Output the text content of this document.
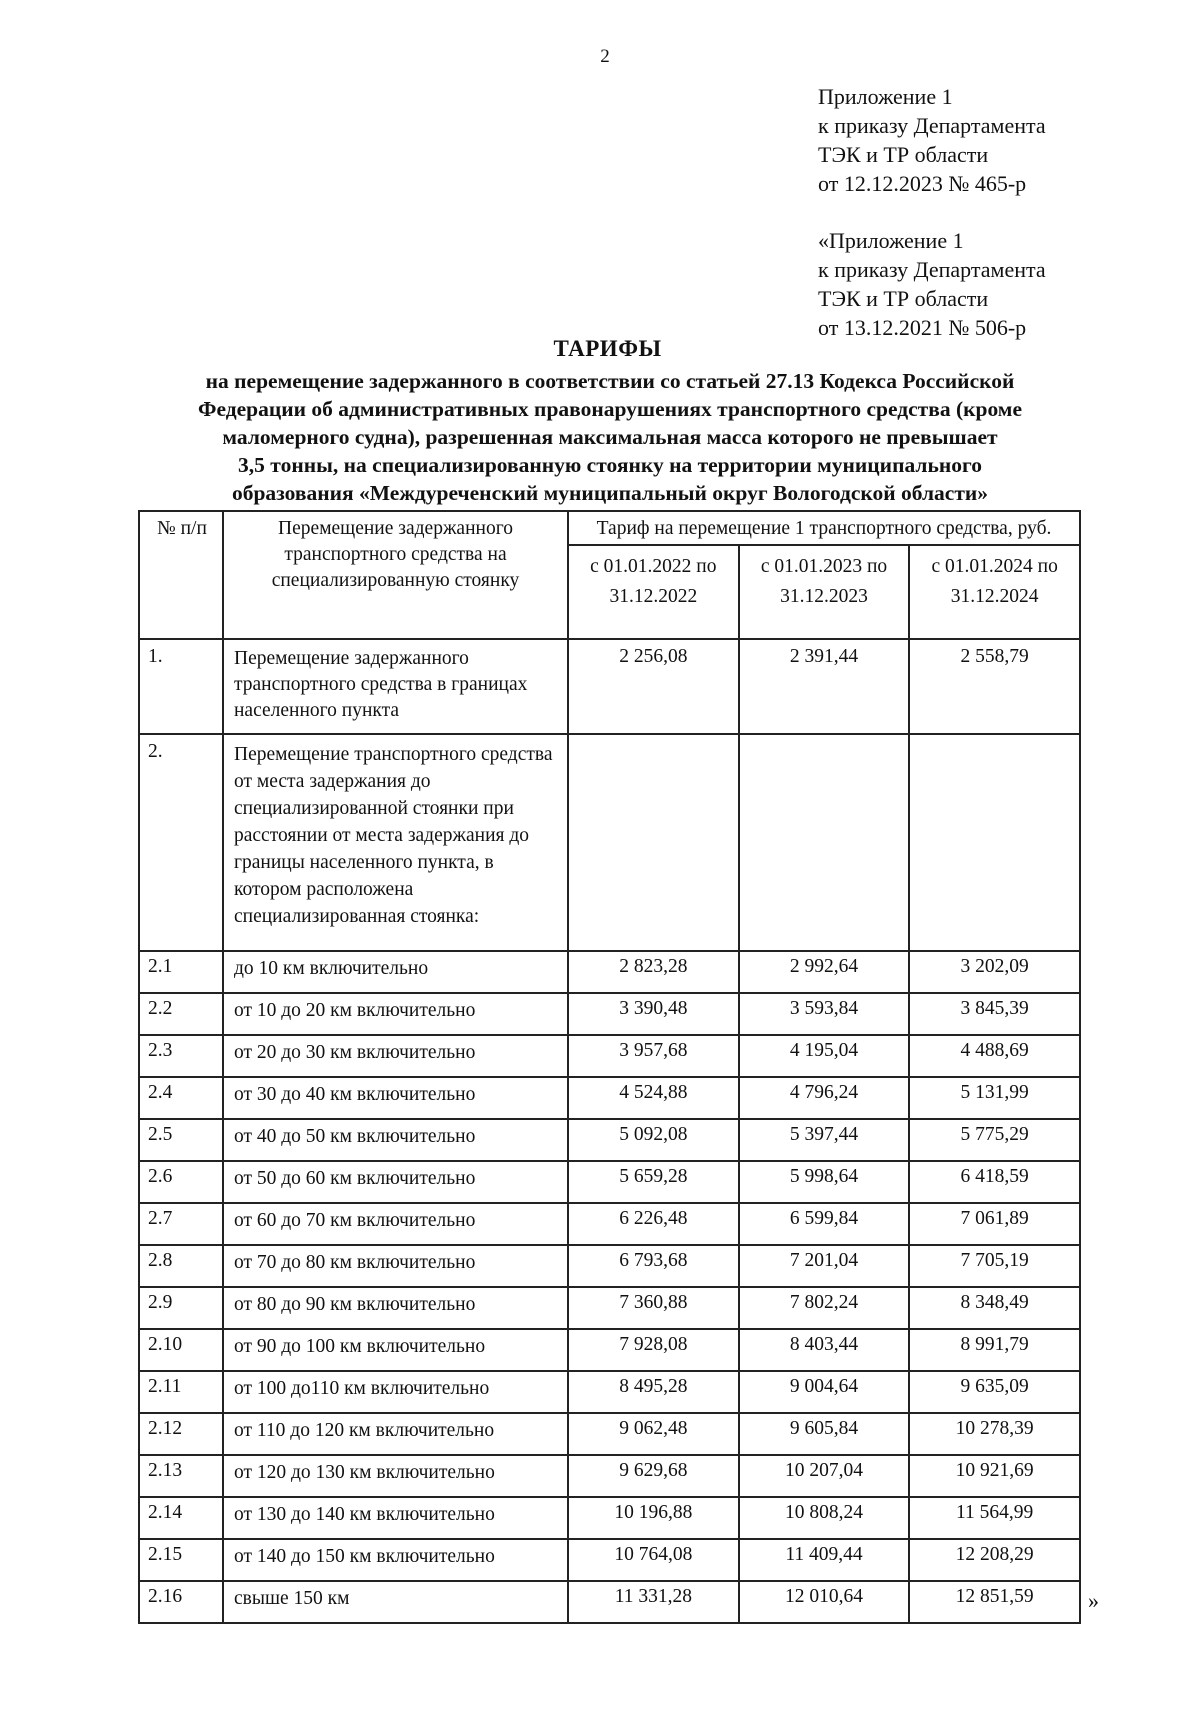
2
Приложение 1
к приказу Департамента
ТЭК и ТР области
от 12.12.2023 № 465-р
«Приложение 1
к приказу Департамента
ТЭК и ТР области
от 13.12.2021 № 506-р
ТАРИФЫ
на перемещение задержанного в соответствии со статьей 27.13 Кодекса Российской
Федерации об административных правонарушениях транспортного средства (кроме
маломерного судна), разрешенная максимальная масса которого не превышает
3,5 тонны, на специализированную стоянку на территории муниципального
образования «Междуреченский муниципальный округ Вологодской области»
№ п/п	Перемещение задержанного транспортного средства на специализированную стоянку	Тариф на перемещение 1 транспортного средства, руб.		
		с 01.01.2022 по 31.12.2022	с 01.01.2023 по 31.12.2023	с 01.01.2024 по 31.12.2024
1.	Перемещение задержанного транспортного средства в границах населенного пункта	2 256,08	2 391,44	2 558,79
2.	Перемещение транспортного средства от места задержания до специализированной стоянки при расстоянии от места задержания до границы населенного пункта, в котором расположена специализированная стоянка:			
2.1	до 10 км включительно	2 823,28	2 992,64	3 202,09
2.2	от 10 до 20 км включительно	3 390,48	3 593,84	3 845,39
2.3	от 20 до 30 км включительно	3 957,68	4 195,04	4 488,69
2.4	от 30 до 40 км включительно	4 524,88	4 796,24	5 131,99
2.5	от 40 до 50 км включительно	5 092,08	5 397,44	5 775,29
2.6	от 50 до 60 км включительно	5 659,28	5 998,64	6 418,59
2.7	от 60 до 70 км включительно	6 226,48	6 599,84	7 061,89
2.8	от 70 до 80 км включительно	6 793,68	7 201,04	7 705,19
2.9	от 80 до 90 км включительно	7 360,88	7 802,24	8 348,49
2.10	от 90 до 100 км включительно	7 928,08	8 403,44	8 991,79
2.11	от 100 до110 км включительно	8 495,28	9 004,64	9 635,09
2.12	от 110 до 120 км включительно	9 062,48	9 605,84	10 278,39
2.13	от 120 до 130 км включительно	9 629,68	10 207,04	10 921,69
2.14	от 130 до 140 км включительно	10 196,88	10 808,24	11 564,99
2.15	от 140 до 150 км включительно	10 764,08	11 409,44	12 208,29
2.16	свыше 150 км	11 331,28	12 010,64	12 851,59 »
